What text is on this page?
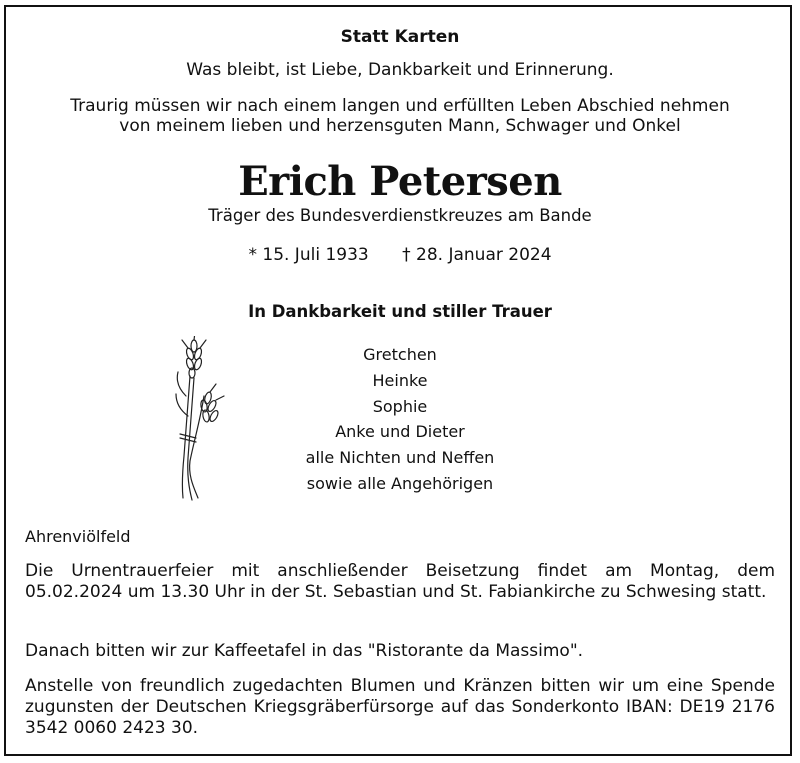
Statt Karten
Was bleibt, ist Liebe, Dankbarkeit und Erinnerung.
Traurig müssen wir nach einem langen und erfüllten Leben Abschied nehmen
von meinem lieben und herzensguten Mann, Schwager und Onkel
Erich Petersen
Träger des Bundesverdienstkreuzes am Bande
* 15. Juli 1933 † 28. Januar 2024
In Dankbarkeit und stiller Trauer
Gretchen
Heinke
Sophie
Anke und Dieter
alle Nichten und Neffen
sowie alle Angehörigen
Ahrenviölfeld

Die Urnentrauerfeier mit anschließender Beisetzung findet am Montag, dem 05.02.2024 um 13.30 Uhr in der St. Sebastian und St. Fabiankirche zu Schwesing statt.

Danach bitten wir zur Kaffeetafel in das "Ristorante da Massimo".

Anstelle von freundlich zugedachten Blumen und Kränzen bitten wir um eine Spende zugunsten der Deutschen Kriegsgräberfürsorge auf das Sonderkonto IBAN: DE19 2176 3542 0060 2423 30.
